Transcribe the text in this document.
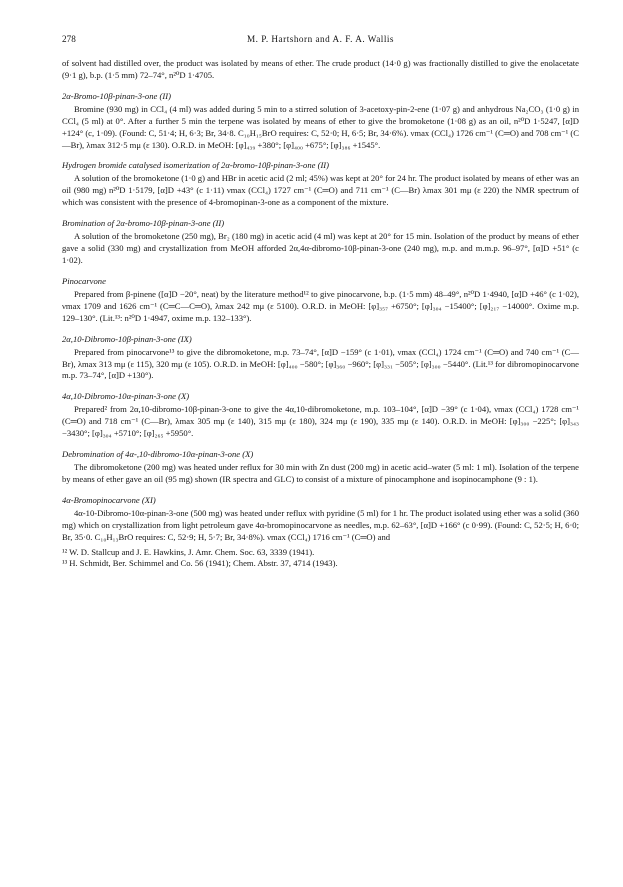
278	M. P. Hartshorn and A. F. A. Wallis

of solvent had distilled over, the product was isolated by means of ether. The crude product (14·0 g) was fractionally distilled to give the enolacetate (9·1 g), b.p. (1·5 mm) 72–74°, n²⁰D 1·4705.

2α-Bromo-10β-pinan-3-one (II)

Bromine (930 mg) in CCl₄ (4 ml) was added during 5 min to a stirred solution of 3-acetoxy-pin-2-ene (1·07 g) and anhydrous Na₂CO₃ (1·0 g) in CCl₄ (5 ml) at 0°. After a further 5 min the terpene was isolated by means of ether to give the bromoketone (1·08 g) as an oil, n²⁰D 1·5247, [α]D +124° (c, 1·09). (Found: C, 51·4; H, 6·3; Br, 34·8. C₁₀H₁₅BrO requires: C, 52·0; H, 6·5; Br, 34·6%). νmax (CCl₄) 1726 cm⁻¹ (C═O) and 708 cm⁻¹ (C—Br), λmax 312·5 mμ (ε 130). O.R.D. in MeOH: [φ]₄₃₉ +380°; [φ]₄₀₀ +675°; [φ]₃₈₆ +1545°.

Hydrogen bromide catalysed isomerization of 2α-bromo-10β-pinan-3-one (II)

A solution of the bromoketone (1·0 g) and HBr in acetic acid (2 ml; 45%) was kept at 20° for 24 hr. The product isolated by means of ether was an oil (980 mg) n²⁰D 1·5179, [α]D +43° (c 1·11) νmax (CCl₄) 1727 cm⁻¹ (C═O) and 711 cm⁻¹ (C—Br) λmax 301 mμ (ε 220) the NMR spectrum of which was consistent with the presence of 4-bromopinan-3-one as a component of the mixture.

Bromination of 2α-bromo-10β-pinan-3-one (II)

A solution of the bromoketone (250 mg), Br₂ (180 mg) in acetic acid (4 ml) was kept at 20° for 15 min. Isolation of the product by means of ether gave a solid (330 mg) and crystallization from MeOH afforded 2α,4α-dibromo-10β-pinan-3-one (240 mg), m.p. and m.m.p. 96–97°, [α]D +51° (c 1·02).

Pinocarvone

Prepared from β-pinene ([α]D −20°, neat) by the literature method¹² to give pinocarvone, b.p. (1·5 mm) 48–49°, n²⁰D 1·4940, [α]D +46° (c 1·02), νmax 1709 and 1626 cm⁻¹ (C═C—C═O), λmax 242 mμ (ε 5100). O.R.D. in MeOH: [φ]₃₅₇ +6750°; [φ]₃₀₄ −15400°; [φ]₂₁₇ −14000°. Oxime m.p. 129–130°. (Lit.¹³: n²⁰D 1·4947, oxime m.p. 132–133°).

2α,10-Dibromo-10β-pinan-3-one (IX)

Prepared from pinocarvone¹³ to give the dibromoketone, m.p. 73–74°, [α]D −159° (c 1·01), νmax (CCl₄) 1724 cm⁻¹ (C═O) and 740 cm⁻¹ (C—Br), λmax 313 mμ (ε 115), 320 mμ (ε 105). O.R.D. in MeOH: [φ]₄₀₀ −580°; [φ]₃₆₀ −960°; [φ]₃₃₁ −505°; [φ]₃₀₀ −5440°. (Lit.¹³ for dibromopinocarvone m.p. 73–74°, [α]D +130°).

4α,10-Dibromo-10α-pinan-3-one (X)

Prepared² from 2α,10-dibromo-10β-pinan-3-one to give the 4α,10-dibromoketone, m.p. 103–104°, [α]D −39° (c 1·04), νmax (CCl₄) 1728 cm⁻¹ (C═O) and 718 cm⁻¹ (C—Br), λmax 305 mμ (ε 140), 315 mμ (ε 180), 324 mμ (ε 190), 335 mμ (ε 140). O.R.D. in MeOH: [φ]₃₀₀ −225°; [φ]₃₄₃ −3430°; [φ]₃₀₄ +5710°; [φ]₂₆₅ +5950°.

Debromination of 4α-,10-dibromo-10α-pinan-3-one (X)

The dibromoketone (200 mg) was heated under reflux for 30 min with Zn dust (200 mg) in acetic acid–water (5 ml: 1 ml). Isolation of the terpene by means of ether gave an oil (95 mg) shown (IR spectra and GLC) to consist of a mixture of pinocamphone and isopinocamphone (9 : 1).

4α-Bromopinocarvone (XI)

4α-10-Dibromo-10α-pinan-3-one (500 mg) was heated under reflux with pyridine (5 ml) for 1 hr. The product isolated using ether was a solid (360 mg) which on crystallization from light petroleum gave 4α-bromopinocarvone as needles, m.p. 62–63°, [α]D +166° (c 0·99). (Found: C, 52·5; H, 6·0; Br, 35·0. C₁₀H₁₃BrO requires: C, 52·9; H, 5·7; Br, 34·8%). νmax (CCl₄) 1716 cm⁻¹ (C═O) and

¹² W. D. Stallcup and J. E. Hawkins, J. Amr. Chem. Soc. 63, 3339 (1941).

¹³ H. Schmidt, Ber. Schimmel and Co. 56 (1941); Chem. Abstr. 37, 4714 (1943).
